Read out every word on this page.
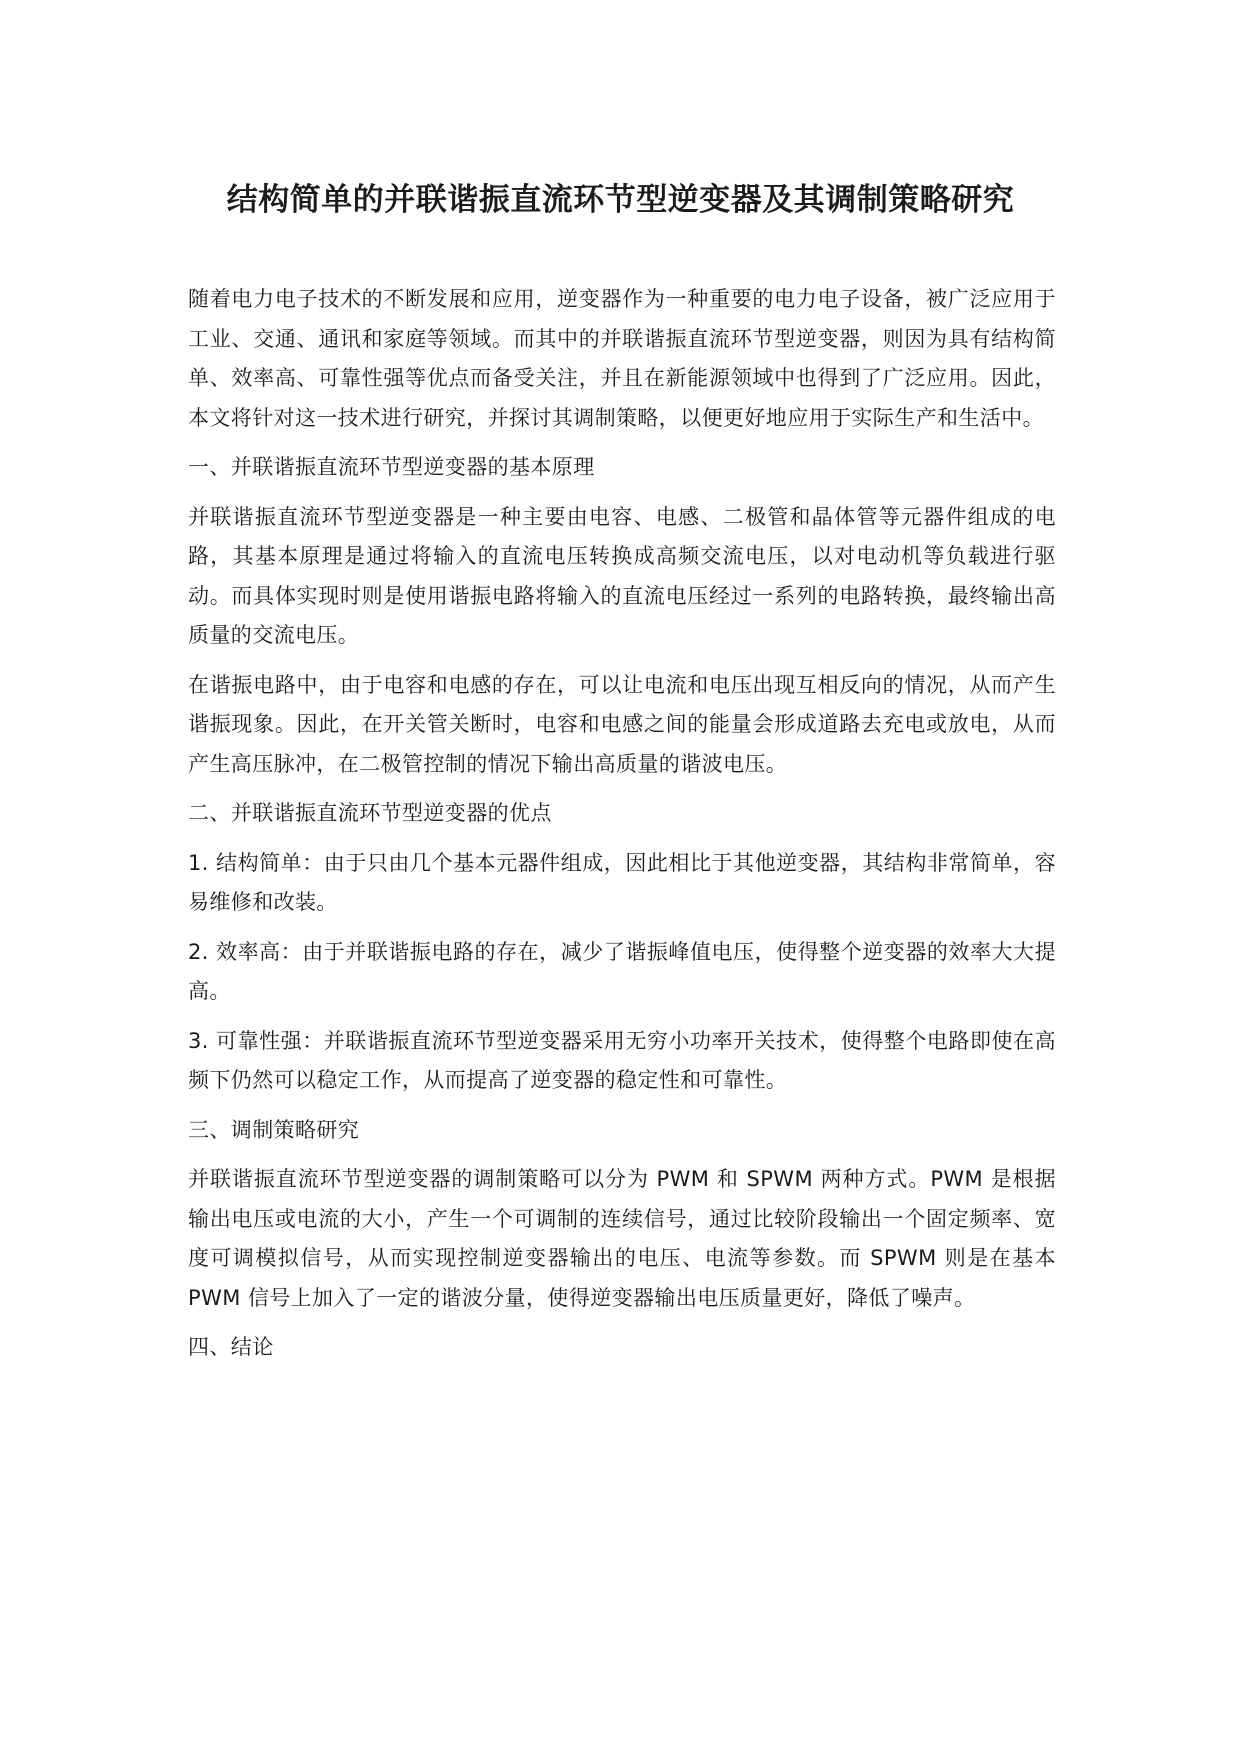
结构简单的并联谐振直流环节型逆变器及其调制策略研究

随着电力电子技术的不断发展和应用，逆变器作为一种重要的电力电子设备，被广泛应用于工业、交通、通讯和家庭等领域。而其中的并联谐振直流环节型逆变器，则因为具有结构简单、效率高、可靠性强等优点而备受关注，并且在新能源领域中也得到了广泛应用。因此，本文将针对这一技术进行研究，并探讨其调制策略，以便更好地应用于实际生产和生活中。

一、并联谐振直流环节型逆变器的基本原理

并联谐振直流环节型逆变器是一种主要由电容、电感、二极管和晶体管等元器件组成的电路，其基本原理是通过将输入的直流电压转换成高频交流电压，以对电动机等负载进行驱动。而具体实现时则是使用谐振电路将输入的直流电压经过一系列的电路转换，最终输出高质量的交流电压。

在谐振电路中，由于电容和电感的存在，可以让电流和电压出现互相反向的情况，从而产生谐振现象。因此，在开关管关断时，电容和电感之间的能量会形成道路去充电或放电，从而产生高压脉冲，在二极管控制的情况下输出高质量的谐波电压。

二、并联谐振直流环节型逆变器的优点

1. 结构简单：由于只由几个基本元器件组成，因此相比于其他逆变器，其结构非常简单，容易维修和改装。

2. 效率高：由于并联谐振电路的存在，减少了谐振峰值电压，使得整个逆变器的效率大大提高。

3. 可靠性强：并联谐振直流环节型逆变器采用无穷小功率开关技术，使得整个电路即使在高频下仍然可以稳定工作，从而提高了逆变器的稳定性和可靠性。

三、调制策略研究

并联谐振直流环节型逆变器的调制策略可以分为 PWM 和 SPWM 两种方式。PWM 是根据输出电压或电流的大小，产生一个可调制的连续信号，通过比较阶段输出一个固定频率、宽度可调模拟信号，从而实现控制逆变器输出的电压、电流等参数。而 SPWM 则是在基本 PWM 信号上加入了一定的谐波分量，使得逆变器输出电压质量更好，降低了噪声。

四、结论
